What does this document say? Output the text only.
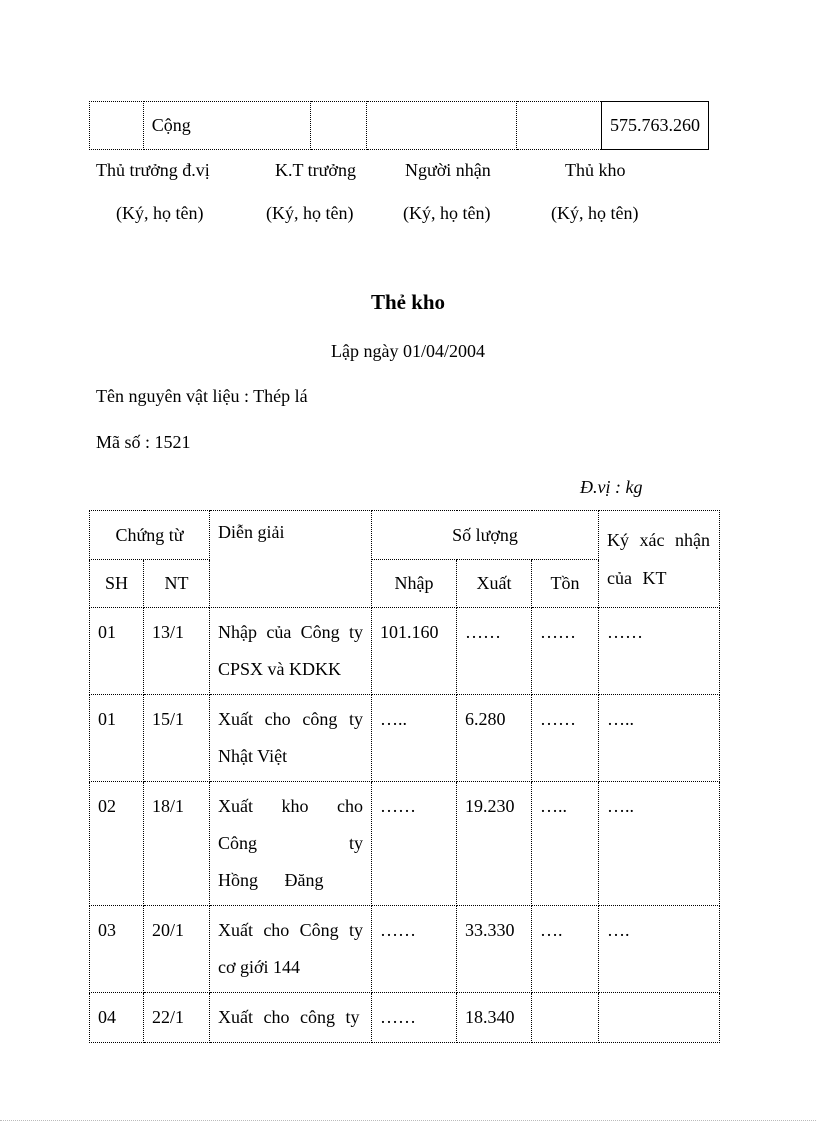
	Cộng				575.763.260
Thủ trưởng đ.vị	K.T trưởng	Người nhận	Thủ kho
(Ký, họ tên)	(Ký, họ tên)	(Ký, họ tên)	(Ký, họ tên)
Thẻ kho
Lập ngày 01/04/2004
Tên nguyên vật liệu : Thép lá
Mã số : 1521
Đ.vị : kg
Chứng từ		Diễn giải	Số lượng			Ký xác nhận của KT
SH	NT		Nhập	Xuất	Tồn	
01	13/1	Nhập của Công ty CPSX và KDKK	101.160	……	……	……
01	15/1	Xuất cho công ty Nhật Việt	…..	6.280	……	…..
02	18/1	Xuất kho cho Công ty Hồng Đăng	……	19.230	…..	…..
03	20/1	Xuất cho Công ty cơ giới 144	……	33.330	….	….
04	22/1	Xuất cho công ty	……	18.340		
